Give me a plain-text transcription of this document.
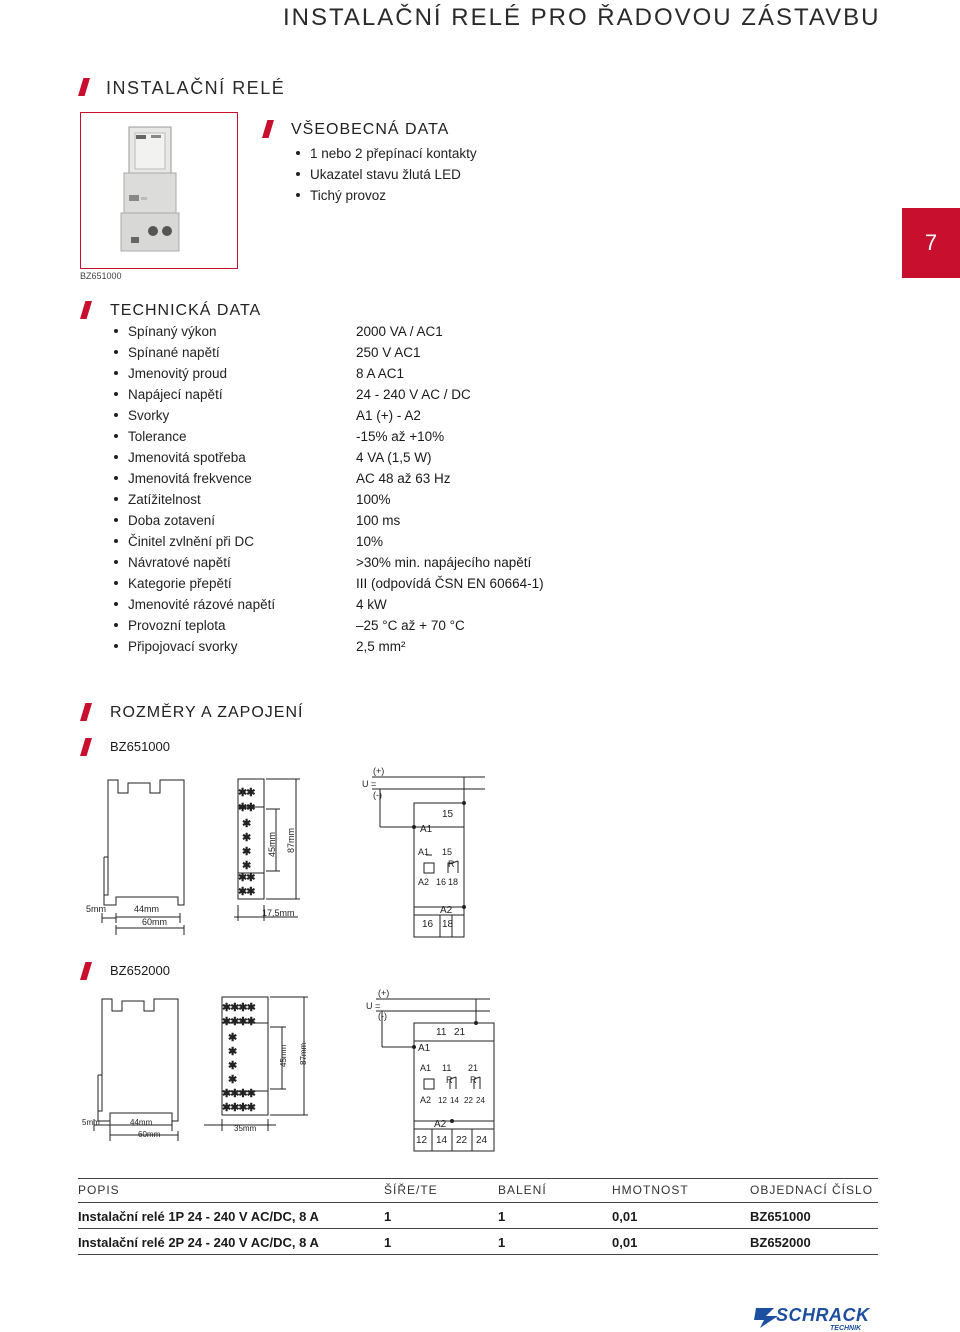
INSTALAČNÍ RELÉ PRO ŘADOVOU ZÁSTAVBU
INSTALAČNÍ RELÉ
7
BZ651000
VŠEOBECNÁ DATA
1 nebo 2 přepínací kontakty
Ukazatel stavu žlutá LED
Tichý provoz
TECHNICKÁ DATA
Spínaný výkon	2000 VA / AC1
Spínané napětí	250 V AC1
Jmenovitý proud	8 A AC1
Napájecí napětí	24 - 240 V AC / DC
Svorky	A1 (+) - A2
Tolerance	-15% až +10%
Jmenovitá spotřeba	4 VA (1,5 W)
Jmenovitá frekvence	AC 48 až 63 Hz
Zatížitelnost	100%
Doba zotavení	100 ms
Činitel zvlnění při DC	10%
Návratové napětí	>30% min. napájecího napětí
Kategorie přepětí	III (odpovídá ČSN EN 60664-1)
Jmenovité rázové napětí	4 kW
Provozní teplota	–25 °C až + 70 °C
Připojovací svorky	2,5 mm²
ROZMĚRY A ZAPOJENÍ
BZ651000
✱✱
✱✱
✱
✱
✱
✱
✱✱
✱✱
5mm	44mm
60mm
17,5mm
45mm 87mm
U =
(+)
(-)
15
A1
A1 15
R
A2 16 18
A2
16 18
BZ652000
✱✱✱✱
✱✱✱✱
✱
✱
✱
✱
✱✱✱✱
✱✱✱✱
5mm	44mm
60mm
35mm
45mm 87mm
U =
(+)
(-)
11 21
A1
A1 11 21
R R
A2 12 14 22 24
A2
12 14 22 24
POPIS	ŠÍŘE/TE	BALENÍ	HMOTNOST	OBJEDNACÍ ČÍSLO
Instalační relé 1P 24 - 240 V AC/DC, 8 A	1	1	0,01	BZ651000
Instalační relé 2P 24 - 240 V AC/DC, 8 A	1	1	0,01	BZ652000
SCHRACK
TECHNIK
